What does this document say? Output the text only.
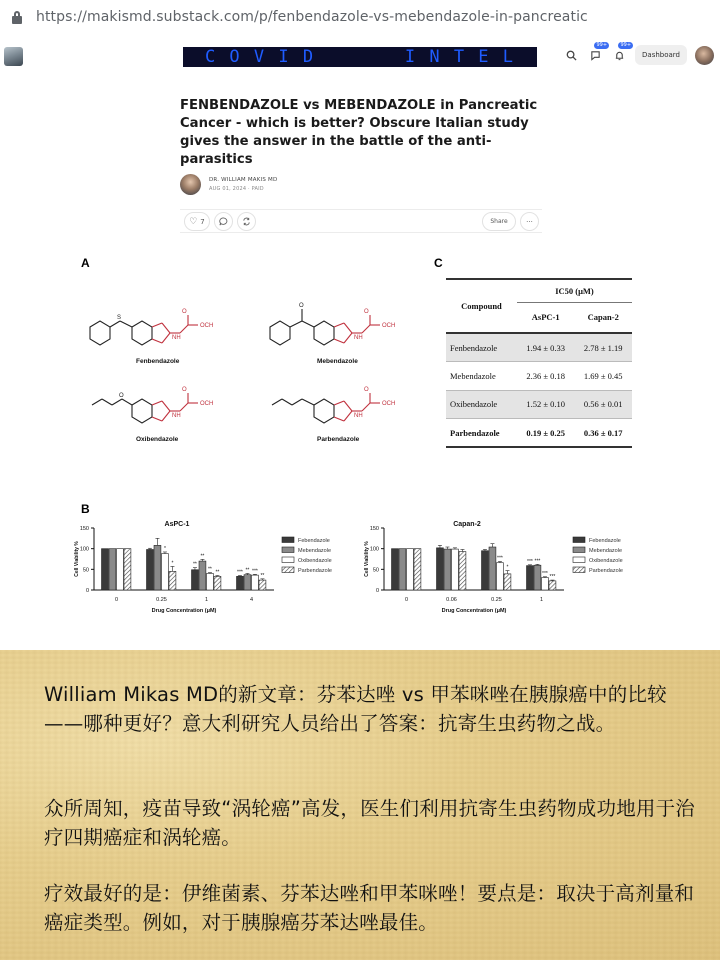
https://makismd.substack.com/p/fenbendazole-vs-mebendazole-in-pancreatic
C O V I D	I N T E L
99+	99+
Dashboard
FENBENDAZOLE vs MEBENDAZOLE in Pancreatic Cancer - which is better? Obscure Italian study gives the answer in the battle of the anti-parasitics
DR. WILLIAM MAKIS MD
AUG 01, 2024 · PAID
♡ 7	Share	···
A	C
B
OCH	OCH
OCH	OCH
O	O
O	O
NH	NH
NH	NH
S
O
O
Fenbendazole	Mebendazole
Oxibendazole	Parbendazole
Compound	IC50 (μM)	
	AsPC-1	Capan-2
Fenbendazole	1.94 ± 0.33	2.78 ± 1.19
Mebendazole	2.36 ± 0.18	1.69 ± 0.45
Oxibendazole	1.52 ± 0.10	0.56 ± 0.01
Parbendazole	0.19 ± 0.25	0.36 ± 0.17
AsPC-1
0
50
100
150
Cell Viability %
0
*
*
0.25
**
**
** **
1
*** ** ***
**
4
Drug Concentration (μM)
Febendazole
Mebendazole
Oxibendazole
Parbendazole
Capan-2
0
50
100
150
Cell Viability %
0	0.06
***
*
0.25
*** ***
***
***
1
Drug Concentration (μM)
Febendazole
Mebendazole
Oxibendazole
Parbendazole

William Mikas MD的新文章：芬苯达唑 vs 甲苯咪唑在胰腺癌中的比较——哪种更好？意大利研究人员给出了答案：抗寄生虫药物之战。

众所周知，疫苗导致“涡轮癌”高发，医生们利用抗寄生虫药物成功地用于治疗四期癌症和涡轮癌。

疗效最好的是：伊维菌素、芬苯达唑和甲苯咪唑！要点是：取决于高剂量和癌症类型。例如，对于胰腺癌芬苯达唑最佳。
